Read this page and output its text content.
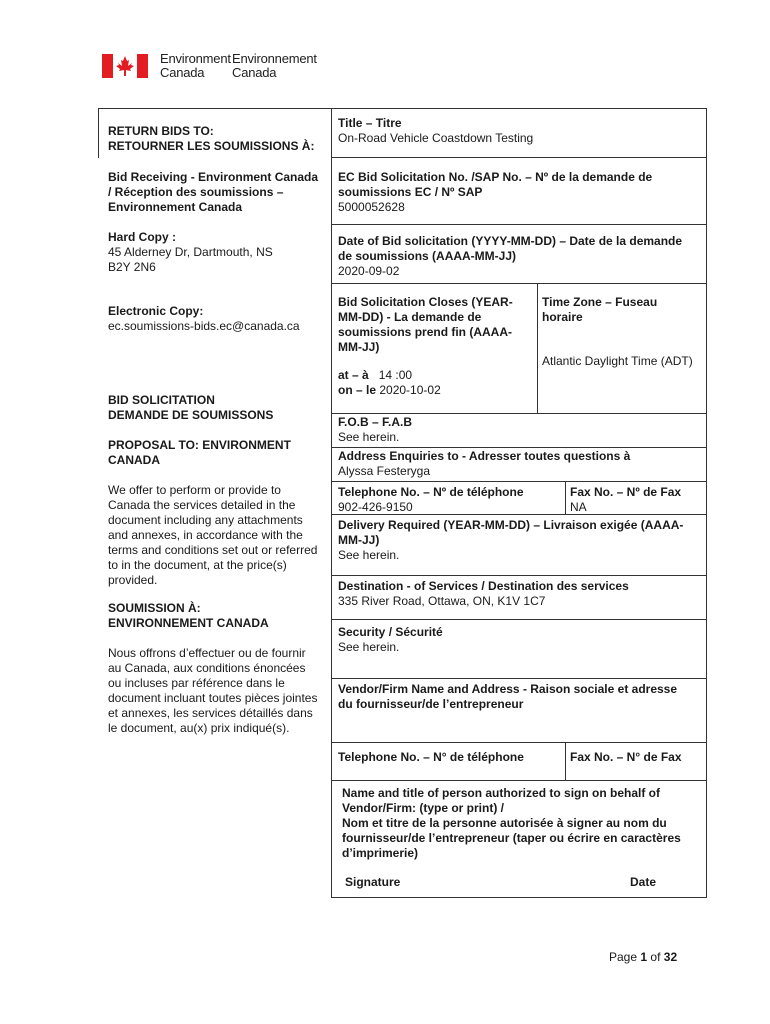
Environment
Canada
Environnement
Canada
RETURN BIDS TO:
RETOURNER LES SOUMISSIONS À:
Bid Receiving - Environment Canada
/ Réception des soumissions –
Environnement Canada
Hard Copy :
45 Alderney Dr, Dartmouth, NS
B2Y 2N6
Electronic Copy:
ec.soumissions-bids.ec@canada.ca
BID SOLICITATION
DEMANDE DE SOUMISSONS
PROPOSAL TO: ENVIRONMENT
CANADA
We offer to perform or provide to
Canada the services detailed in the
document including any attachments
and annexes, in accordance with the
terms and conditions set out or referred
to in the document, at the price(s)
provided.
SOUMISSION À:
ENVIRONNEMENT CANADA
Nous offrons d’effectuer ou de fournir
au Canada, aux conditions énoncées
ou incluses par référence dans le
document incluant toutes pièces jointes
et annexes, les services détaillés dans
le document, au(x) prix indiqué(s).
Title – Titre
On-Road Vehicle Coastdown Testing
EC Bid Solicitation No. /SAP No. – Nº de la demande de
soumissions EC / Nº SAP
5000052628
Date of Bid solicitation (YYYY-MM-DD) – Date de la demande
de soumissions (AAAA-MM-JJ)
2020-09-02
Bid Solicitation Closes (YEAR-
MM-DD) - La demande de
soumissions prend fin (AAAA-
MM-JJ)
at – à 14 :00
on – le 2020-10-02
Time Zone – Fuseau
horaire
Atlantic Daylight Time (ADT)
F.O.B – F.A.B
See herein.
Address Enquiries to - Adresser toutes questions à
Alyssa Festeryga
Telephone No. – Nº de téléphone
902-426-9150
Fax No. – Nº de Fax
NA
Delivery Required (YEAR-MM-DD) – Livraison exigée (AAAA-
MM-JJ)
See herein.
Destination - of Services / Destination des services
335 River Road, Ottawa, ON, K1V 1C7
Security / Sécurité
See herein.
Vendor/Firm Name and Address - Raison sociale et adresse
du fournisseur/de l’entrepreneur
Telephone No. – N° de téléphone	Fax No. – N° de Fax
Name and title of person authorized to sign on behalf of
Vendor/Firm: (type or print) /
Nom et titre de la personne autorisée à signer au nom du
fournisseur/de l’entrepreneur (taper ou écrire en caractères
d’imprimerie)
Signature	Date
Page 1 of 32
